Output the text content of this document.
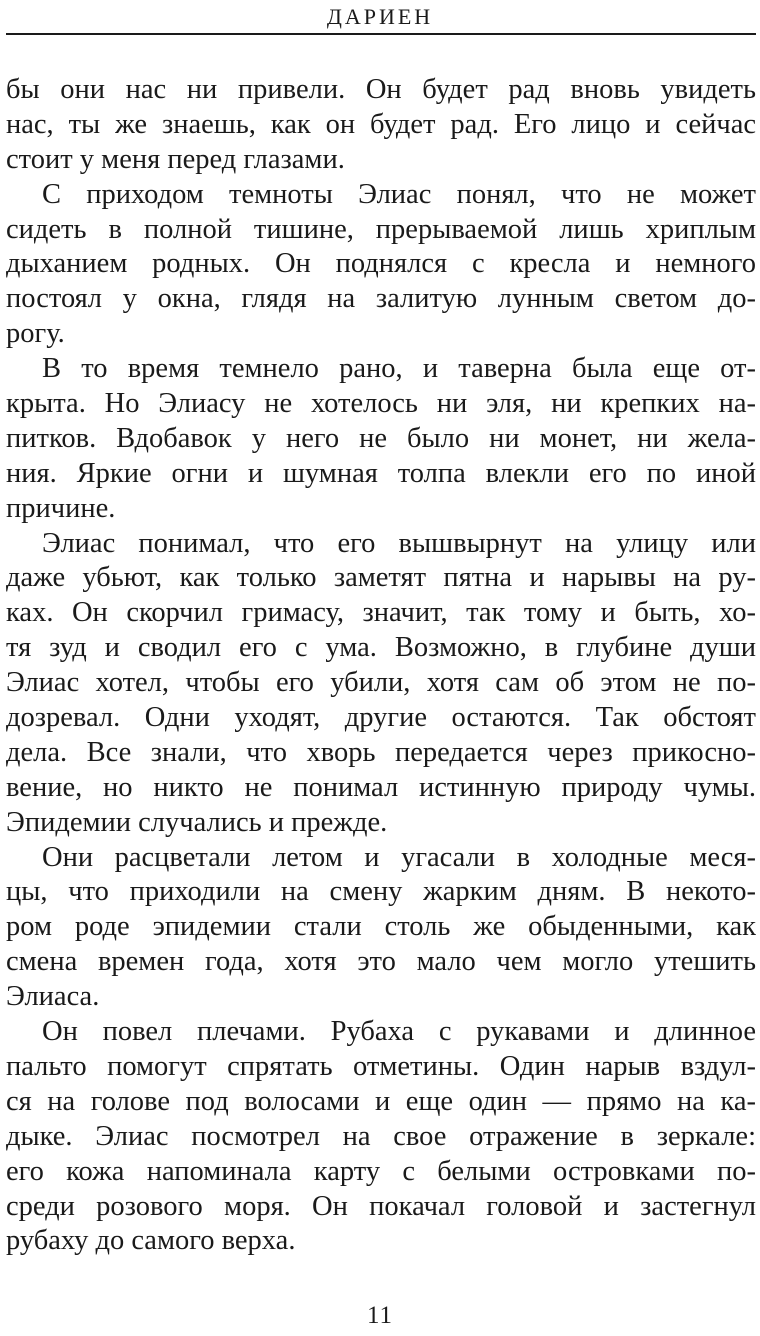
ДАРИЕН
бы они нас ни привели. Он будет рад вновь увидеть
нас, ты же знаешь, как он будет рад. Его лицо и сейчас
стоит у меня перед глазами.
С приходом темноты Элиас понял, что не может
сидеть в полной тишине, прерываемой лишь хриплым
дыханием родных. Он поднялся с кресла и немного
постоял у окна, глядя на залитую лунным светом до-
рогу.
В то время темнело рано, и таверна была еще от-
крыта. Но Элиасу не хотелось ни эля, ни крепких на-
питков. Вдобавок у него не было ни монет, ни жела-
ния. Яркие огни и шумная толпа влекли его по иной
причине.
Элиас понимал, что его вышвырнут на улицу или
даже убьют, как только заметят пятна и нарывы на ру-
ках. Он скорчил гримасу, значит, так тому и быть, хо-
тя зуд и сводил его с ума. Возможно, в глубине души
Элиас хотел, чтобы его убили, хотя сам об этом не по-
дозревал. Одни уходят, другие остаются. Так обстоят
дела. Все знали, что хворь передается через прикосно-
вение, но никто не понимал истинную природу чумы.
Эпидемии случались и прежде.
Они расцветали летом и угасали в холодные меся-
цы, что приходили на смену жарким дням. В некото-
ром роде эпидемии стали столь же обыденными, как
смена времен года, хотя это мало чем могло утешить
Элиаса.
Он повел плечами. Рубаха с рукавами и длинное
пальто помогут спрятать отметины. Один нарыв вздул-
ся на голове под волосами и еще один — прямо на ка-
дыке. Элиас посмотрел на свое отражение в зеркале:
его кожа напоминала карту с белыми островками по-
среди розового моря. Он покачал головой и застегнул
рубаху до самого верха.
11
